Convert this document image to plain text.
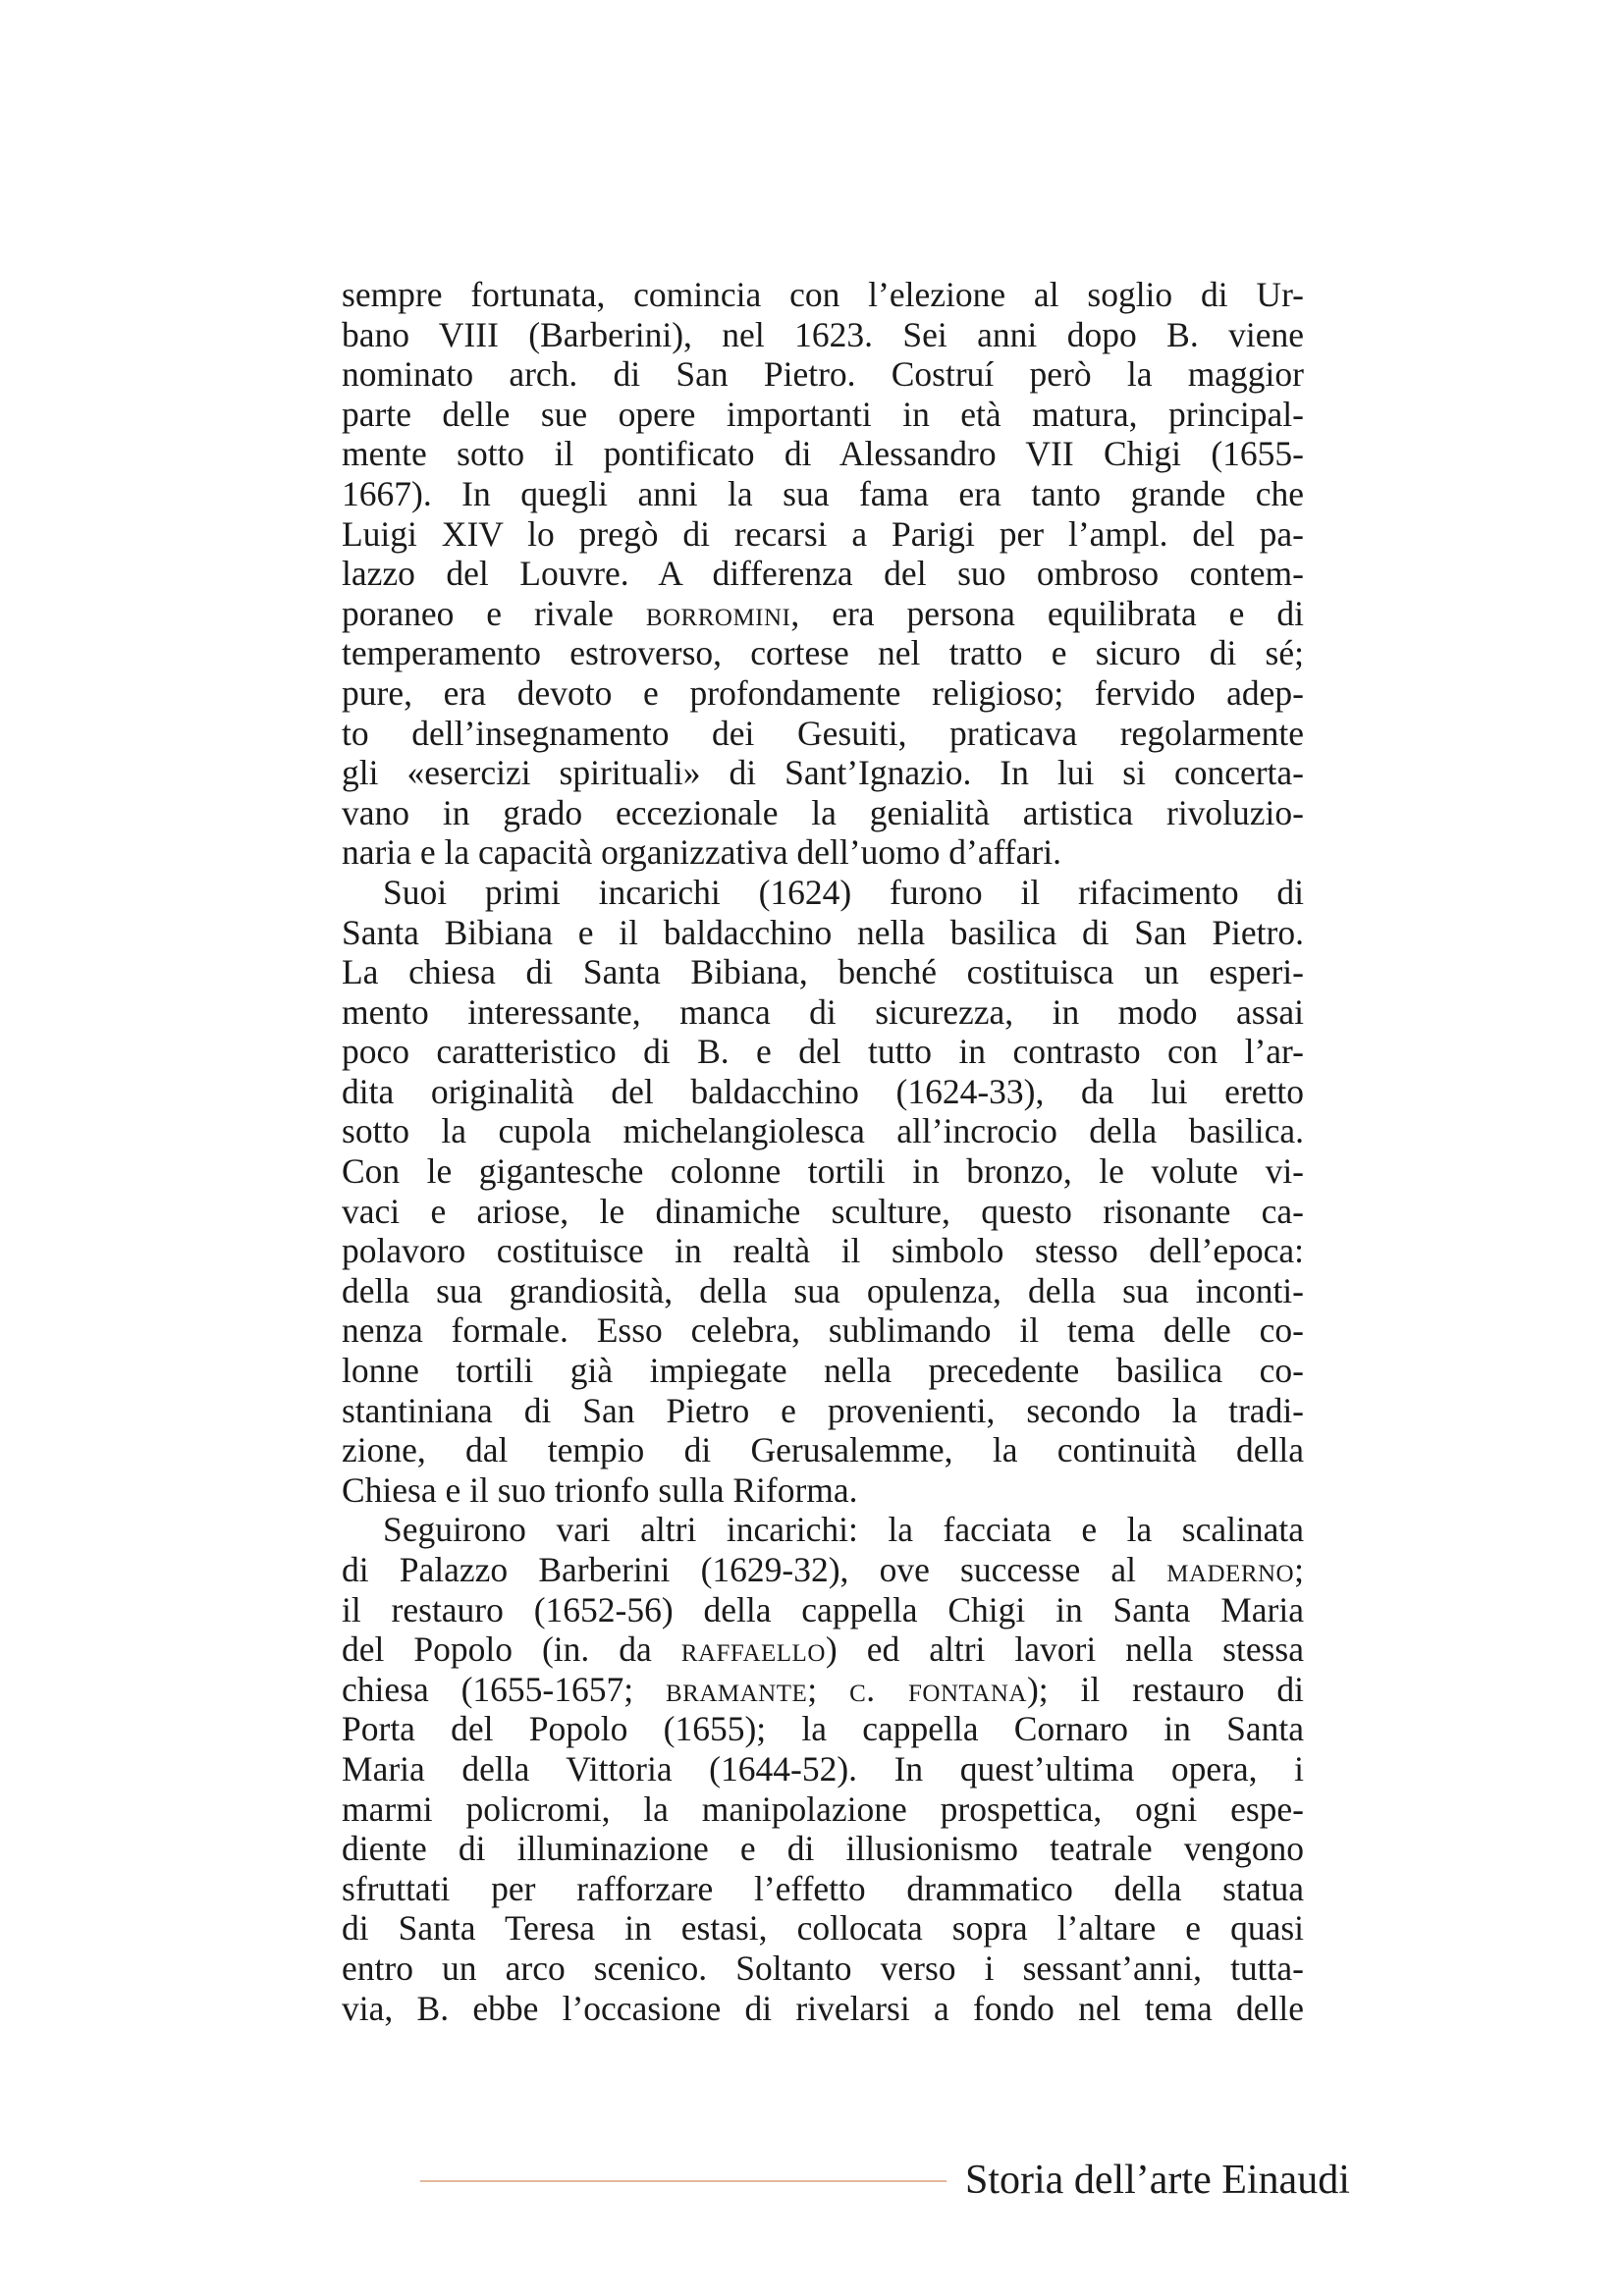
sempre fortunata, comincia con l’elezione al soglio di Ur-
bano VIII (Barberini), nel 1623. Sei anni dopo B. viene
nominato arch. di San Pietro. Costruí però la maggior
parte delle sue opere importanti in età matura, principal-
mente sotto il pontificato di Alessandro VII Chigi (1655-
1667). In quegli anni la sua fama era tanto grande che
Luigi XIV lo pregò di recarsi a Parigi per l’ampl. del pa-
lazzo del Louvre. A differenza del suo ombroso contem-
poraneo e rivale borromini, era persona equilibrata e di
temperamento estroverso, cortese nel tratto e sicuro di sé;
pure, era devoto e profondamente religioso; fervido adep-
to dell’insegnamento dei Gesuiti, praticava regolarmente
gli «esercizi spirituali» di Sant’Ignazio. In lui si concerta-
vano in grado eccezionale la genialità artistica rivoluzio-
naria e la capacità organizzativa dell’uomo d’affari.
Suoi primi incarichi (1624) furono il rifacimento di
Santa Bibiana e il baldacchino nella basilica di San Pietro.
La chiesa di Santa Bibiana, benché costituisca un esperi-
mento interessante, manca di sicurezza, in modo assai
poco caratteristico di B. e del tutto in contrasto con l’ar-
dita originalità del baldacchino (1624-33), da lui eretto
sotto la cupola michelangiolesca all’incrocio della basilica.
Con le gigantesche colonne tortili in bronzo, le volute vi-
vaci e ariose, le dinamiche sculture, questo risonante ca-
polavoro costituisce in realtà il simbolo stesso dell’epoca:
della sua grandiosità, della sua opulenza, della sua inconti-
nenza formale. Esso celebra, sublimando il tema delle co-
lonne tortili già impiegate nella precedente basilica co-
stantiniana di San Pietro e provenienti, secondo la tradi-
zione, dal tempio di Gerusalemme, la continuità della
Chiesa e il suo trionfo sulla Riforma.
Seguirono vari altri incarichi: la facciata e la scalinata
di Palazzo Barberini (1629-32), ove successe al maderno;
il restauro (1652-56) della cappella Chigi in Santa Maria
del Popolo (in. da raffaello) ed altri lavori nella stessa
chiesa (1655-1657; bramante; c. fontana); il restauro di
Porta del Popolo (1655); la cappella Cornaro in Santa
Maria della Vittoria (1644-52). In quest’ultima opera, i
marmi policromi, la manipolazione prospettica, ogni espe-
diente di illuminazione e di illusionismo teatrale vengono
sfruttati per rafforzare l’effetto drammatico della statua
di Santa Teresa in estasi, collocata sopra l’altare e quasi
entro un arco scenico. Soltanto verso i sessant’anni, tutta-
via, B. ebbe l’occasione di rivelarsi a fondo nel tema delle
Storia dell’arte Einaudi
